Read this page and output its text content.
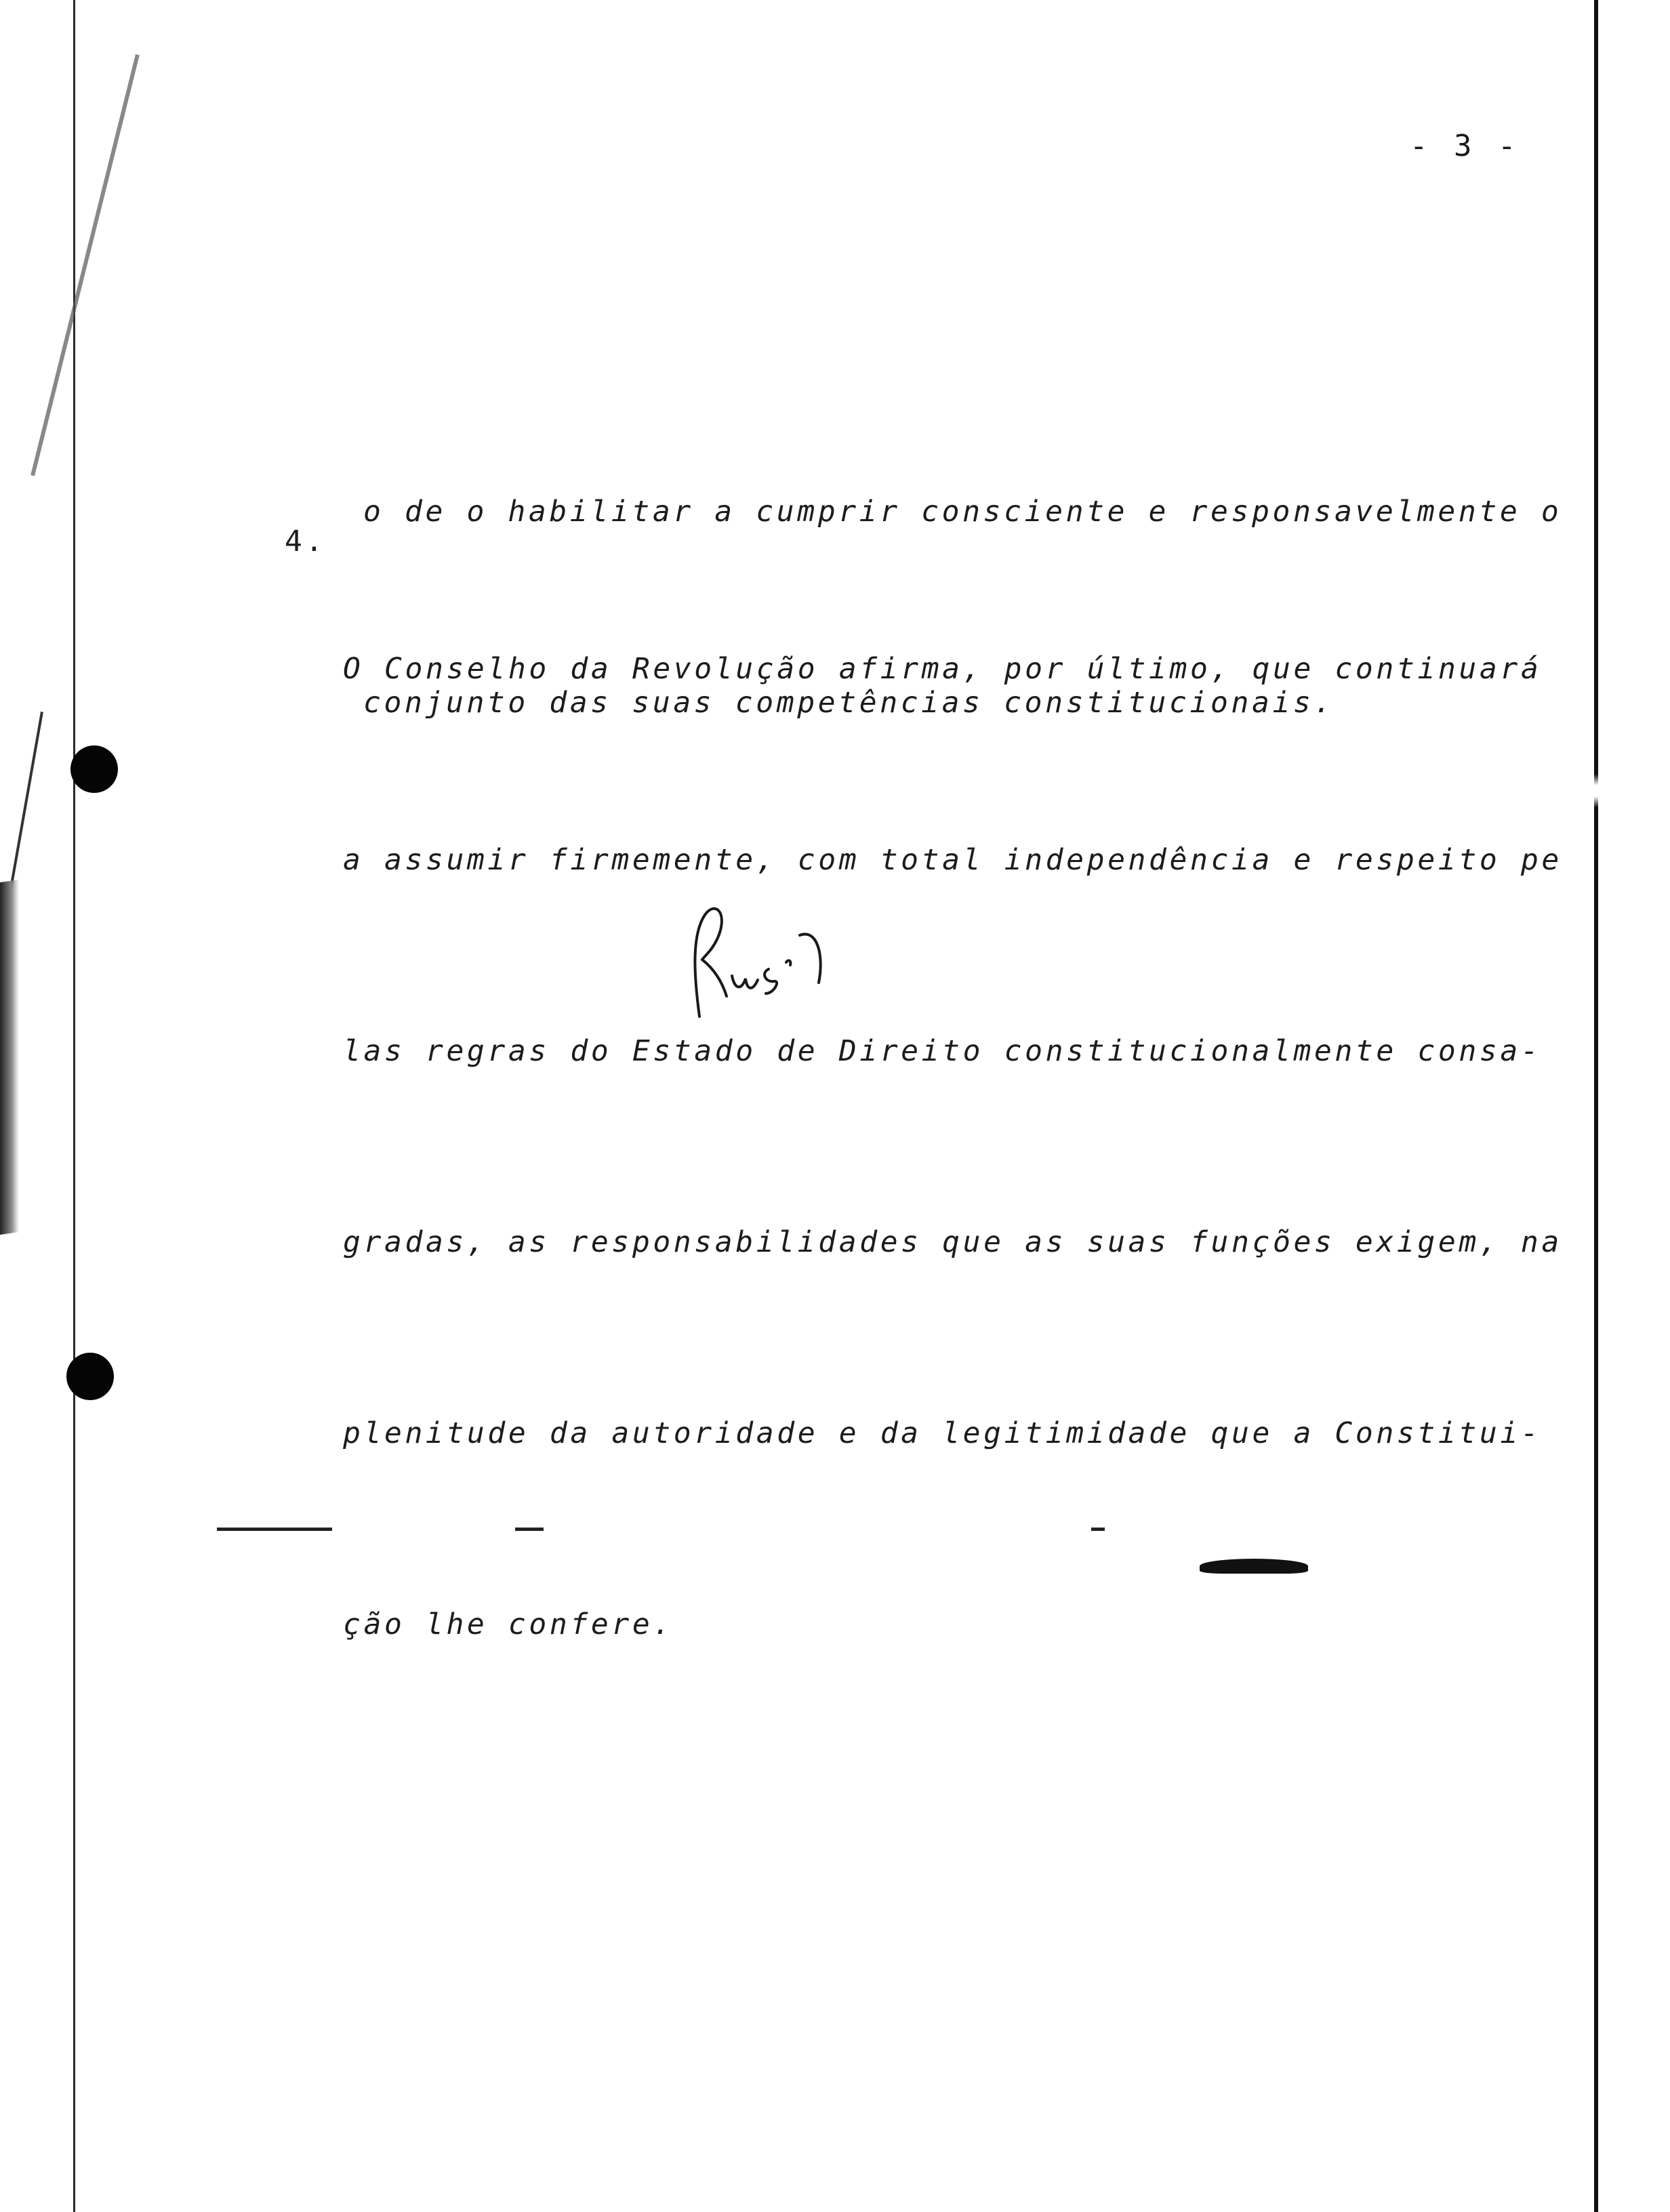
- 3 -

o de o habilitar a cumprir consciente e responsavelmente o

conjunto das suas competências constitucionais.

4.

O Conselho da Revolução afirma, por último, que continuará

a assumir firmemente, com total independência e respeito pe

las regras do Estado de Direito constitucionalmente consa-

gradas, as responsabilidades que as suas funções exigem, na

plenitude da autoridade e da legitimidade que a Constitui-

ção lhe confere.
